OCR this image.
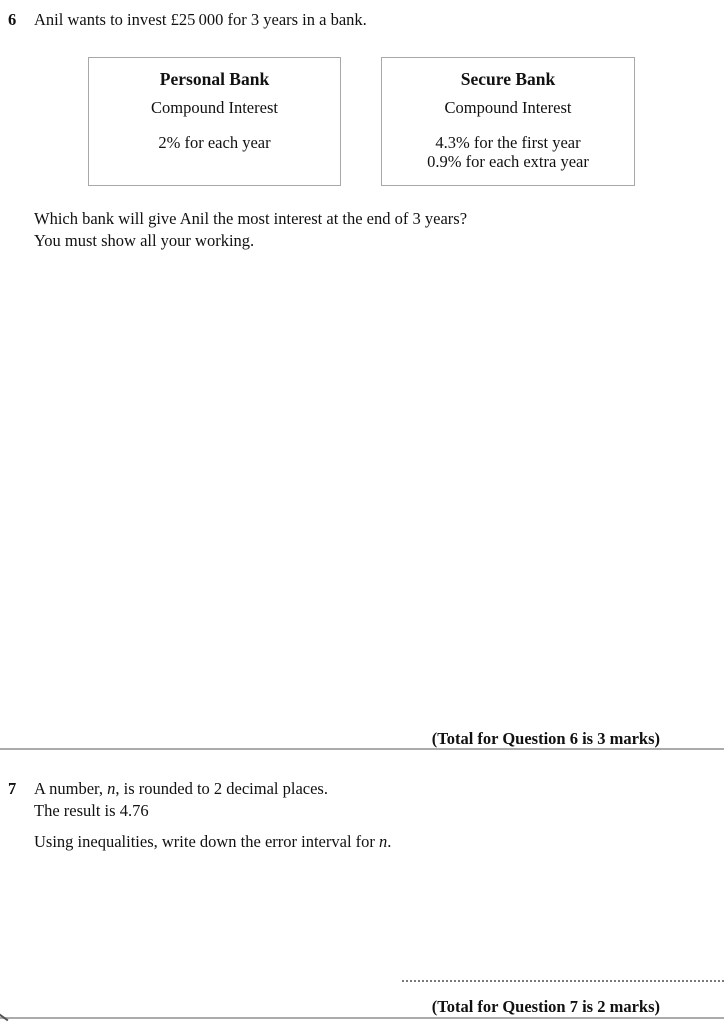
6 Anil wants to invest £25 000 for 3 years in a bank.
Personal Bank
Compound Interest
2% for each year
Secure Bank
Compound Interest
4.3% for the first year
0.9% for each extra year
Which bank will give Anil the most interest at the end of 3 years?
You must show all your working.
(Total for Question 6 is 3 marks)
7 A number, n, is rounded to 2 decimal places.
The result is 4.76
Using inequalities, write down the error interval for n.
(Total for Question 7 is 2 marks)
